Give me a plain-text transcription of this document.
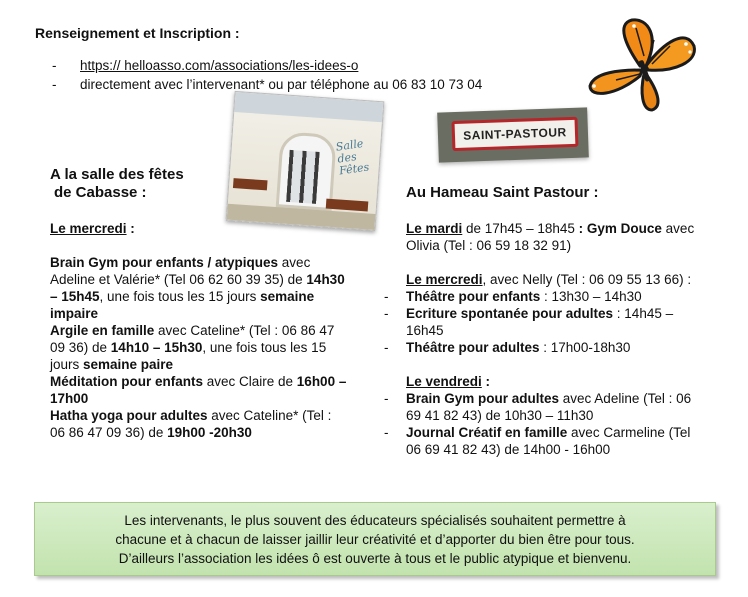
Renseignement et Inscription :
-	https:// helloasso.com/associations/les-idees-o
-	directement avec l’intervenant* ou par téléphone au 06 83 10 73 04
Salle des Fêtes
SAINT-PASTOUR

A la salle des fêtes

de Cabasse :

Le mercredi :

Brain Gym pour enfants / atypiques avec Adeline et Valérie* (Tel 06 62 60 39 35) de 14h30 – 15h45, une fois tous les 15 jours semaine impaire

Argile en famille avec Cateline* (Tel : 06 86 47 09 36) de 14h10 – 15h30, une fois tous les 15 jours semaine paire

Méditation pour enfants avec Claire de 16h00 – 17h00

Hatha yoga pour adultes avec Cateline* (Tel : 06 86 47 09 36) de 19h00 -20h30

Au Hameau Saint Pastour :

Le mardi de 17h45 – 18h45 : Gym Douce avec Olivia (Tel : 06 59 18 32 91)

Le mercredi, avec Nelly (Tel : 06 09 55 13 66) :

- Théâtre pour enfants : 13h30 – 14h30
- Ecriture spontanée pour adultes : 14h45 – 16h45
- Théâtre pour adultes : 17h00-18h30

Le vendredi :

- Brain Gym pour adultes avec Adeline (Tel : 06 69 41 82 43) de 10h30 – 11h30
- Journal Créatif en famille avec Carmeline (Tel 06 69 41 82 43) de 14h00 - 16h00
Les intervenants, le plus souvent des éducateurs spécialisés souhaitent permettre à
chacune et à chacun de laisser jaillir leur créativité et d’apporter du bien être pour tous.
D’ailleurs l’association les idées ô est ouverte à tous et le public atypique et bienvenu.
